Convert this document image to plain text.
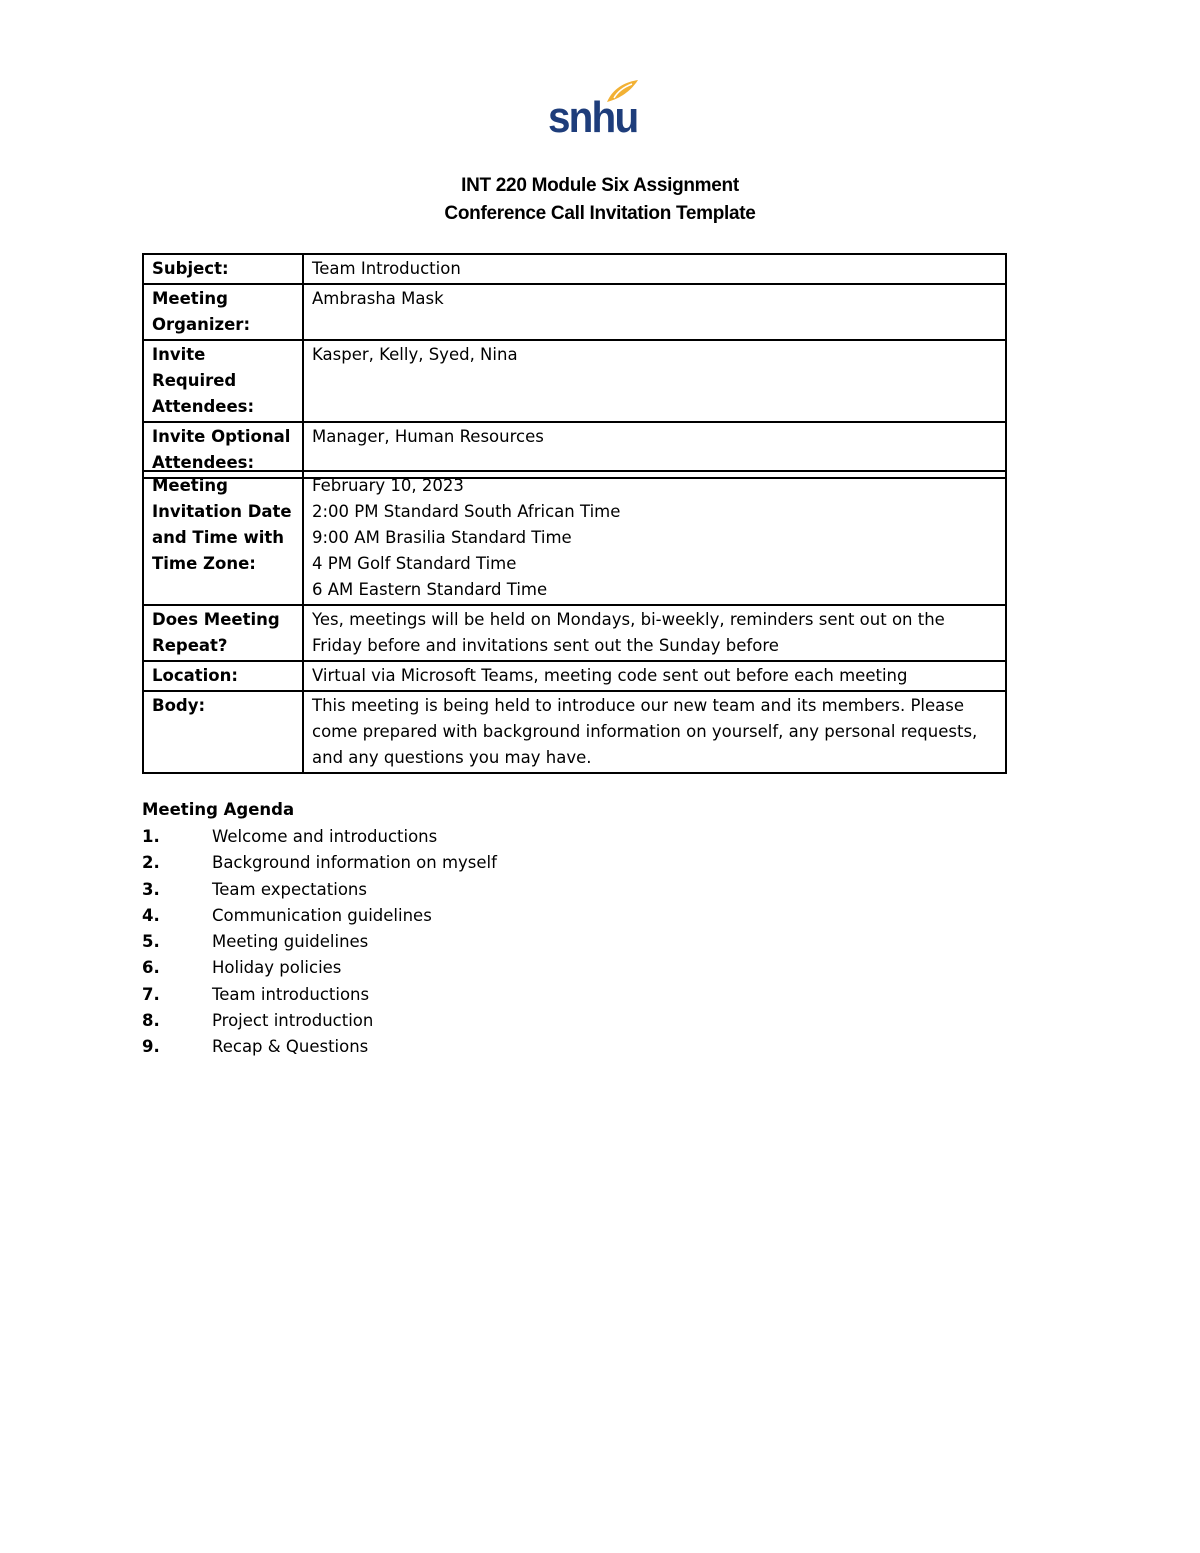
snhu
INT 220 Module Six Assignment
Conference Call Invitation Template
Subject:	Team Introduction
Meeting Organizer:	Ambrasha Mask
Invite Required Attendees:	Kasper, Kelly, Syed, Nina
Invite Optional Attendees:	Manager, Human Resources
Meeting Invitation Date and Time with Time Zone:	February 10, 2023
2:00 PM Standard South African Time
9:00 AM Brasilia Standard Time
4 PM Golf Standard Time
6 AM Eastern Standard Time

Does Meeting Repeat?	Yes, meetings will be held on Mondays, bi-weekly, reminders sent out on the Friday before and invitations sent out the Sunday before
Location:	Virtual via Microsoft Teams, meeting code sent out before each meeting
Body:	This meeting is being held to introduce our new team and its members. Please come prepared with background information on yourself, any personal requests, and any questions you may have.
Meeting Agenda
1.	Welcome and introductions
2.	Background information on myself
3.	Team expectations
4.	Communication guidelines
5.	Meeting guidelines
6.	Holiday policies
7.	Team introductions
8.	Project introduction
9.	Recap & Questions
